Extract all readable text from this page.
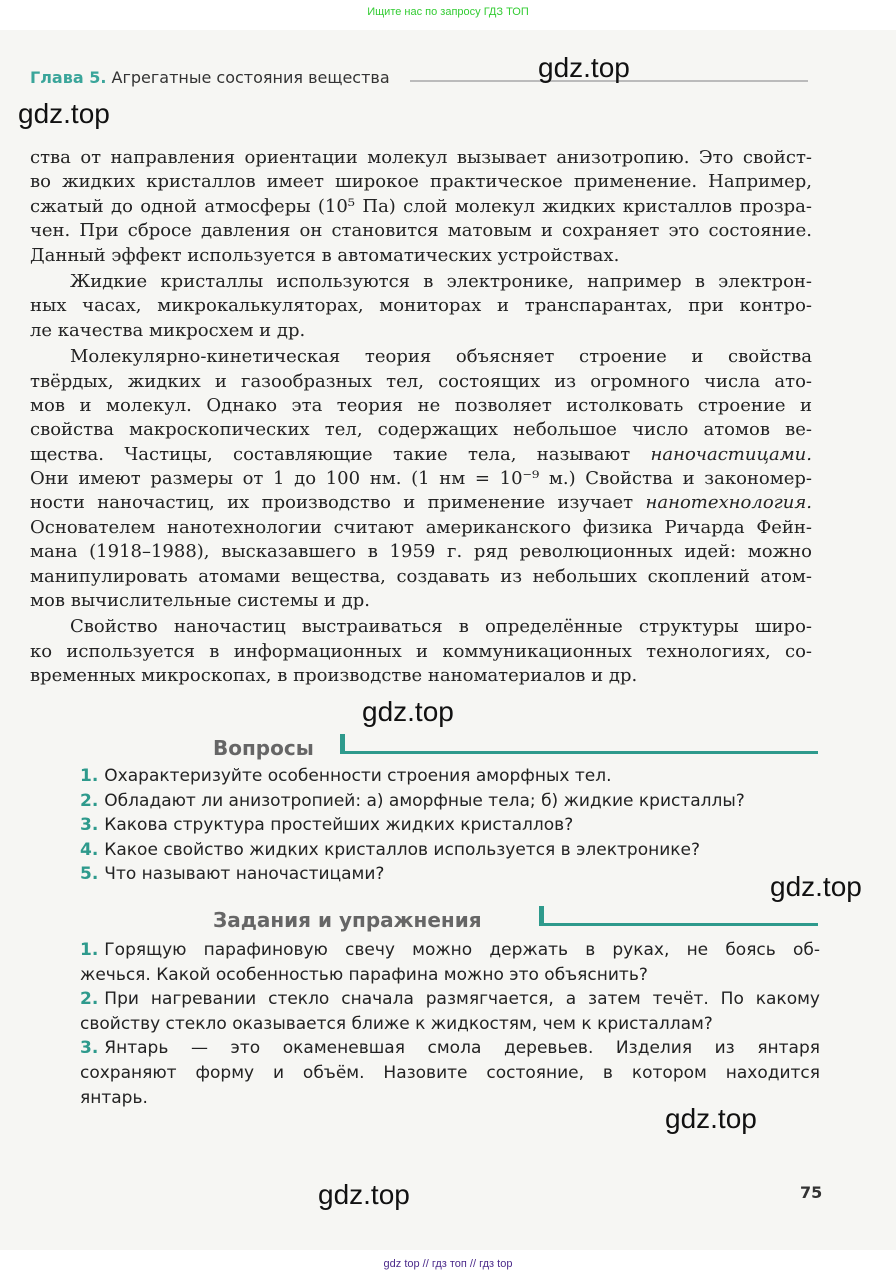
Ищите нас по запросу ГДЗ ТОП
Глава 5. Агрегатные состояния вещества
ства от направления ориентации молекул вызывает анизотропию. Это свойст-
во жидких кристаллов имеет широкое практическое применение. Например,
сжатый до одной атмосферы (10⁵ Па) слой молекул жидких кристаллов прозра-
чен. При сбросе давления он становится матовым и сохраняет это состояние.
Данный эффект используется в автоматических устройствах.
Жидкие кристаллы используются в электронике, например в электрон-
ных часах, микрокалькуляторах, мониторах и транспарантах, при контро-
ле качества микросхем и др.
Молекулярно-кинетическая теория объясняет строение и свойства
твёрдых, жидких и газообразных тел, состоящих из огромного числа ато-
мов и молекул. Однако эта теория не позволяет истолковать строение и
свойства макроскопических тел, содержащих небольшое число атомов ве-
щества. Частицы, составляющие такие тела, называют наночастицами.
Они имеют размеры от 1 до 100 нм. (1 нм = 10⁻⁹ м.) Свойства и закономер-
ности наночастиц, их производство и применение изучает нанотехнология.
Основателем нанотехнологии считают американского физика Ричарда Фейн-
мана (1918–1988), высказавшего в 1959 г. ряд революционных идей: можно
манипулировать атомами вещества, создавать из небольших скоплений атом-
мов вычислительные системы и др.
Свойство наночастиц выстраиваться в определённые структуры широ-
ко используется в информационных и коммуникационных технологиях, со-
временных микроскопах, в производстве наноматериалов и др.
Вопросы
1. Охарактеризуйте особенности строения аморфных тел.
2. Обладают ли анизотропией: а) аморфные тела; б) жидкие кристаллы?
3. Какова структура простейших жидких кристаллов?
4. Какое свойство жидких кристаллов используется в электронике?
5. Что называют наночастицами?
Задания и упражнения
1. Горящую парафиновую свечу можно держать в руках, не боясь об-
жечься. Какой особенностью парафина можно это объяснить?
2. При нагревании стекло сначала размягчается, а затем течёт. По какому
свойству стекло оказывается ближе к жидкостям, чем к кристаллам?
3. Янтарь — это окаменевшая смола деревьев. Изделия из янтаря
сохраняют форму и объём. Назовите состояние, в котором находится
янтарь.
75
gdz.top
gdz.top
gdz.top
gdz.top
gdz.top
gdz.top
gdz top // гдз топ // гдз top
